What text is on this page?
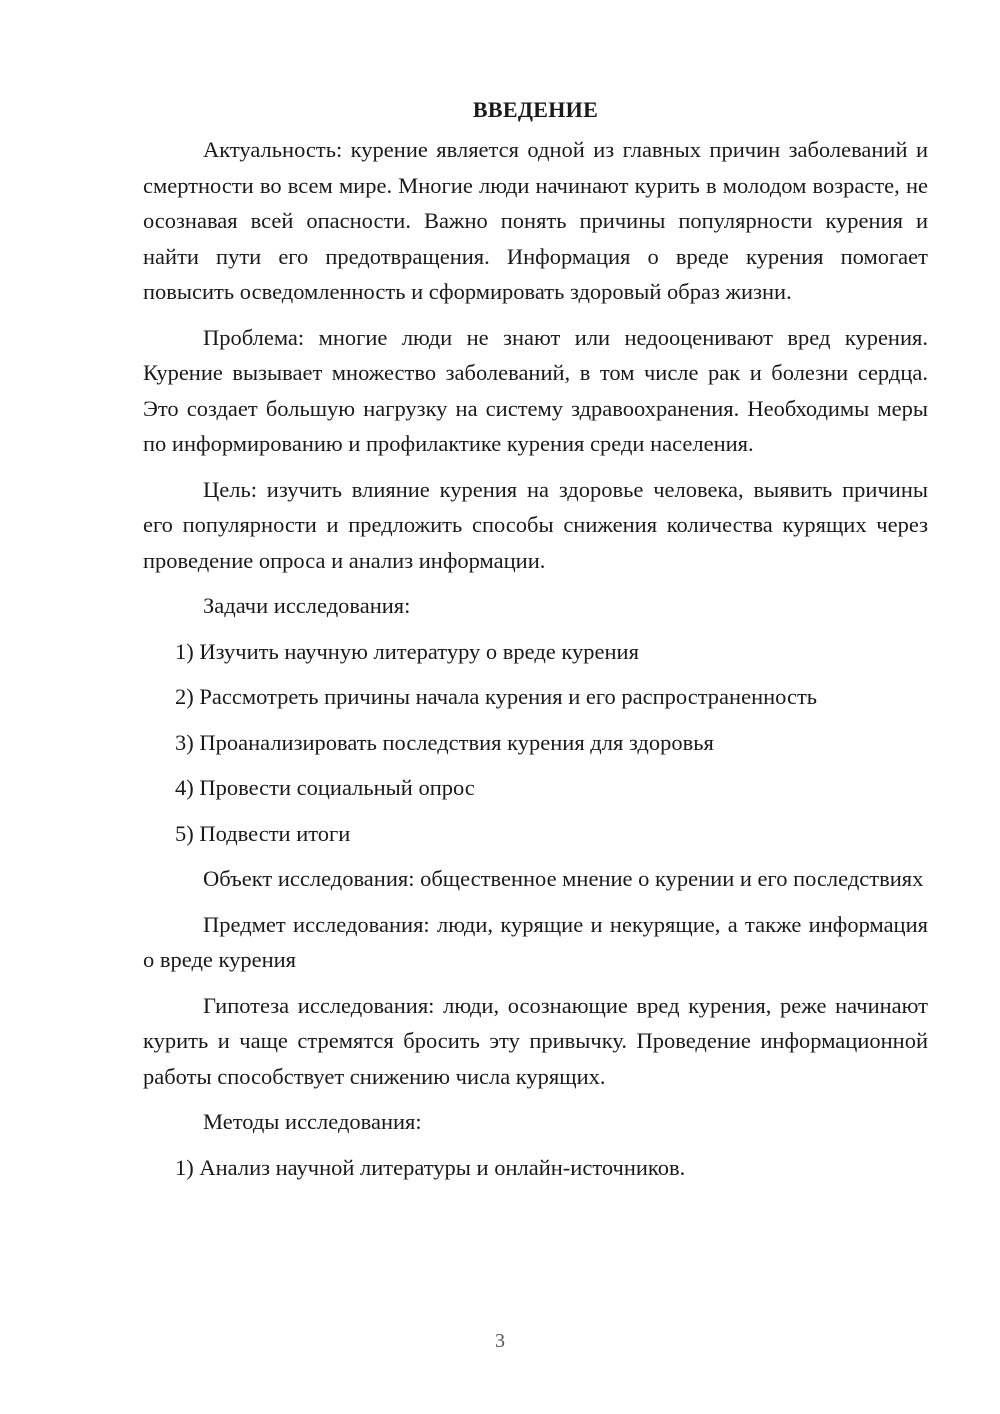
ВВЕДЕНИЕ

Актуальность: курение является одной из главных причин заболеваний и смертности во всем мире. Многие люди начинают курить в молодом возрасте, не осознавая всей опасности. Важно понять причины популярности курения и найти пути его предотвращения. Информация о вреде курения помогает повысить осведомленность и сформировать здоровый образ жизни.

Проблема: многие люди не знают или недооценивают вред курения. Курение вызывает множество заболеваний, в том числе рак и болезни сердца. Это создает большую нагрузку на систему здравоохранения. Необходимы меры по информированию и профилактике курения среди населения.

Цель: изучить влияние курения на здоровье человека, выявить причины его популярности и предложить способы снижения количества курящих через проведение опроса и анализ информации.

Задачи исследования:

1) Изучить научную литературу о вреде курения

2) Рассмотреть причины начала курения и его распространенность

3) Проанализировать последствия курения для здоровья

4) Провести социальный опрос

5) Подвести итоги

Объект исследования: общественное мнение о курении и его последствиях

Предмет исследования: люди, курящие и некурящие, а также информация о вреде курения

Гипотеза исследования: люди, осознающие вред курения, реже начинают курить и чаще стремятся бросить эту привычку. Проведение информационной работы способствует снижению числа курящих.

Методы исследования:

1) Анализ научной литературы и онлайн-источников.

3
